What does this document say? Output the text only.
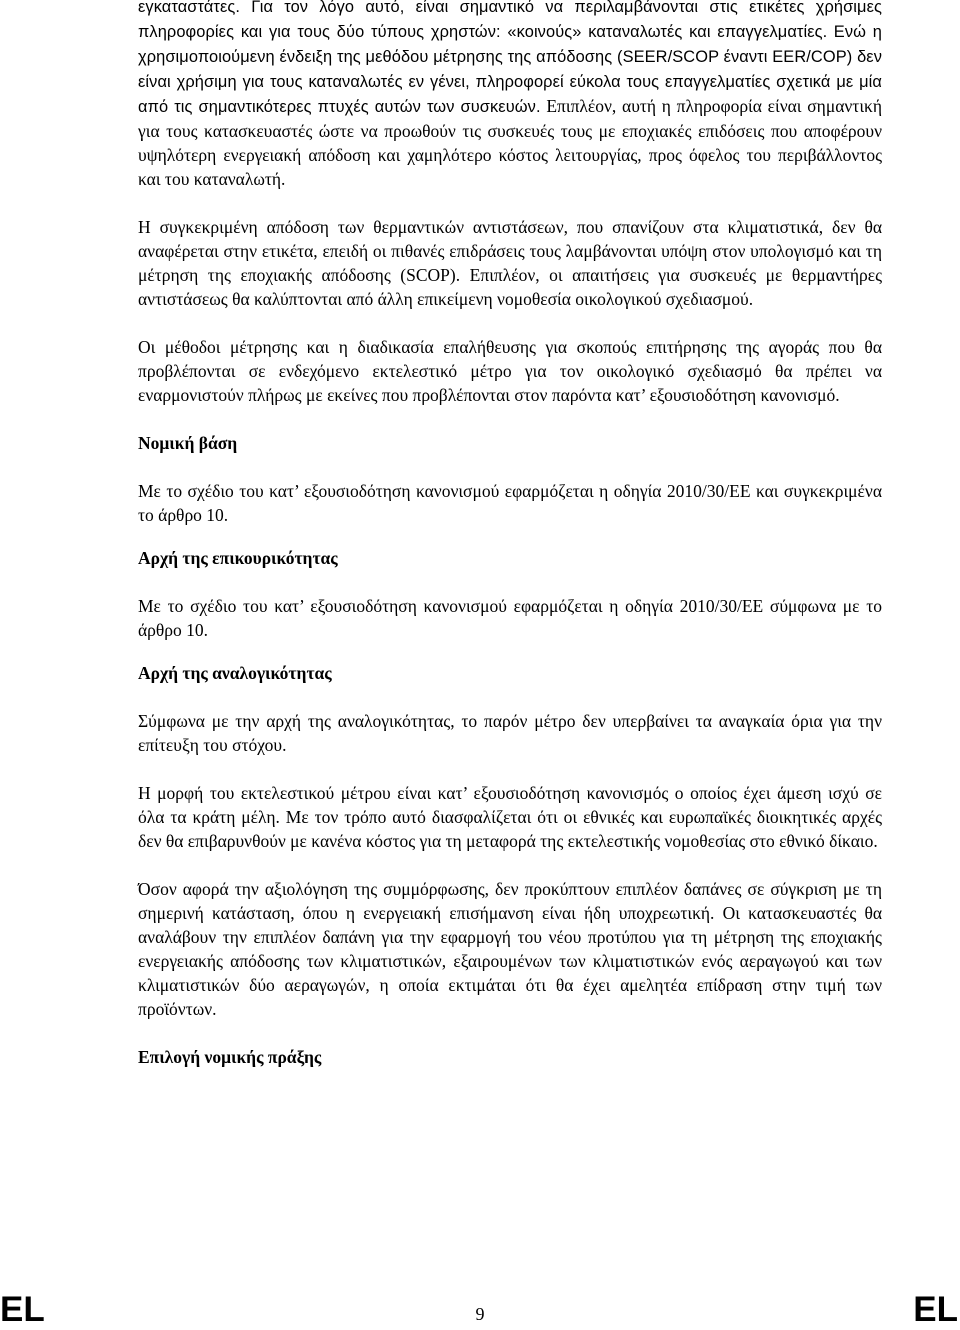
εγκαταστάτες. Για τον λόγο αυτό, είναι σημαντικό να περιλαμβάνονται στις ετικέτες χρήσιμες πληροφορίες και για τους δύο τύπους χρηστών: «κοινούς» καταναλωτές και επαγγελματίες. Ενώ η χρησιμοποιούμενη ένδειξη της μεθόδου μέτρησης της απόδοσης (SEER/SCOP έναντι EER/COP) δεν είναι χρήσιμη για τους καταναλωτές εν γένει, πληροφορεί εύκολα τους επαγγελματίες σχετικά με μία από τις σημαντικότερες πτυχές αυτών των συσκευών. Επιπλέον, αυτή η πληροφορία είναι σημαντική για τους κατασκευαστές ώστε να προωθούν τις συσκευές τους με εποχιακές επιδόσεις που αποφέρουν υψηλότερη ενεργειακή απόδοση και χαμηλότερο κόστος λειτουργίας, προς όφελος του περιβάλλοντος και του καταναλωτή.

Η συγκεκριμένη απόδοση των θερμαντικών αντιστάσεων, που σπανίζουν στα κλιματιστικά, δεν θα αναφέρεται στην ετικέτα, επειδή οι πιθανές επιδράσεις τους λαμβάνονται υπόψη στον υπολογισμό και τη μέτρηση της εποχιακής απόδοσης (SCOP). Επιπλέον, οι απαιτήσεις για συσκευές με θερμαντήρες αντιστάσεως θα καλύπτονται από άλλη επικείμενη νομοθεσία οικολογικού σχεδιασμού.

Οι μέθοδοι μέτρησης και η διαδικασία επαλήθευσης για σκοπούς επιτήρησης της αγοράς που θα προβλέπονται σε ενδεχόμενο εκτελεστικό μέτρο για τον οικολογικό σχεδιασμό θα πρέπει να εναρμονιστούν πλήρως με εκείνες που προβλέπονται στον παρόντα κατ’ εξουσιοδότηση κανονισμό.

Νομική βάση

Με το σχέδιο του κατ’ εξουσιοδότηση κανονισμού εφαρμόζεται η οδηγία 2010/30/ΕΕ και συγκεκριμένα το άρθρο 10.

Αρχή της επικουρικότητας

Με το σχέδιο του κατ’ εξουσιοδότηση κανονισμού εφαρμόζεται η οδηγία 2010/30/ΕΕ σύμφωνα με το άρθρο 10.

Αρχή της αναλογικότητας

Σύμφωνα με την αρχή της αναλογικότητας, το παρόν μέτρο δεν υπερβαίνει τα αναγκαία όρια για την επίτευξη του στόχου.

Η μορφή του εκτελεστικού μέτρου είναι κατ’ εξουσιοδότηση κανονισμός ο οποίος έχει άμεση ισχύ σε όλα τα κράτη μέλη. Με τον τρόπο αυτό διασφαλίζεται ότι οι εθνικές και ευρωπαϊκές διοικητικές αρχές δεν θα επιβαρυνθούν με κανένα κόστος για τη μεταφορά της εκτελεστικής νομοθεσίας στο εθνικό δίκαιο.

Όσον αφορά την αξιολόγηση της συμμόρφωσης, δεν προκύπτουν επιπλέον δαπάνες σε σύγκριση με τη σημερινή κατάσταση, όπου η ενεργειακή επισήμανση είναι ήδη υποχρεωτική. Οι κατασκευαστές θα αναλάβουν την επιπλέον δαπάνη για την εφαρμογή του νέου προτύπου για τη μέτρηση της εποχιακής ενεργειακής απόδοσης των κλιματιστικών, εξαιρουμένων των κλιματιστικών ενός αεραγωγού και των κλιματιστικών δύο αεραγωγών, η οποία εκτιμάται ότι θα έχει αμελητέα επίδραση στην τιμή των προϊόντων.

Επιλογή νομικής πράξης
EL	9	EL
